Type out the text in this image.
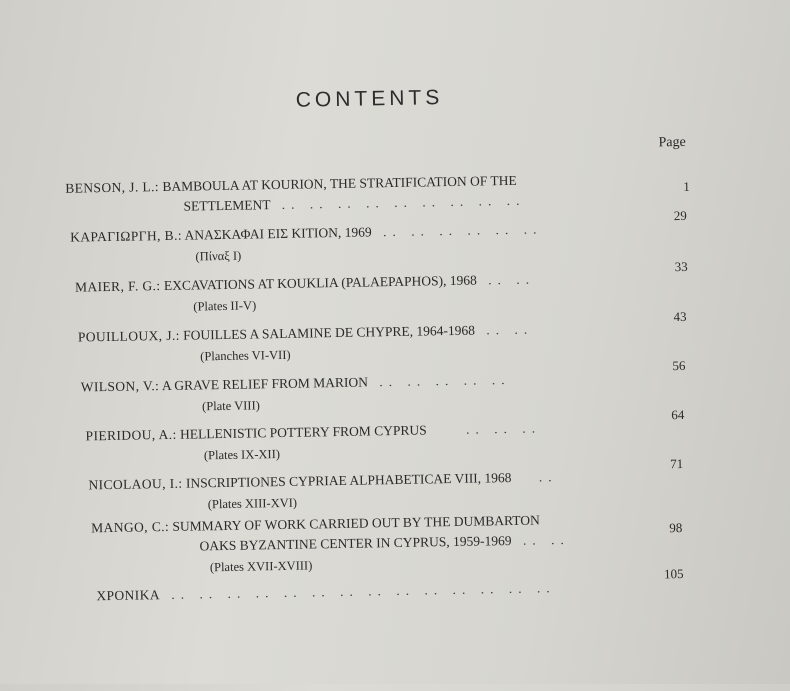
CONTENTS
Page
BENSON, J. L.: BAMBOULA AT KOURION, THE STRATIFICATION OF THE
SETTLEMENT .. .. .. .. .. .. .. .. ..
1
ΚΑΡΑΓΙΩΡΓΗ, Β.: ΑΝΑΣΚΑΦΑΙ ΕΙΣ ΚΙΤΙΟΝ, 1969 .. .. .. .. .. ..
(Πίναξ Ι)
29
MAIER, F. G.: EXCAVATIONS AT KOUKLIA (PALAEPAPHOS), 1968 .. ..
(Plates II-V)
33
POUILLOUX, J.: FOUILLES A SALAMINE DE CHYPRE, 1964-1968 .. ..
(Planches VI-VII)
43
WILSON, V.: A GRAVE RELIEF FROM MARION .. .. .. .. ..
(Plate VIII)
56
PIERIDOU, A.: HELLENISTIC POTTERY FROM CYPRUS	.. .. ..
(Plates IX-XII)
64
NICOLAOU, I.: INSCRIPTIONES CYPRIAE ALPHABETICAE VIII, 1968 ..
(Plates XIII-XVI)
71
MANGO, C.: SUMMARY OF WORK CARRIED OUT BY THE DUMBARTON
OAKS BYZANTINE CENTER IN CYPRUS, 1959-1969 .. ..
(Plates XVII-XVIII)
98
ΧΡΟΝΙΚΑ .. .. .. .. .. .. .. .. .. .. .. .. .. ..
105
